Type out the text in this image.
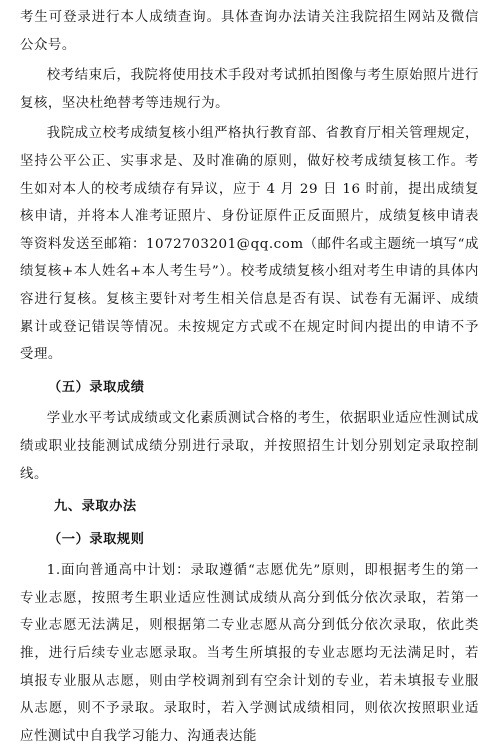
考生可登录进行本人成绩查询。具体查询办法请关注我院招生网站及微信公众号。

校考结束后，我院将使用技术手段对考试抓拍图像与考生原始照片进行复核，坚决杜绝替考等违规行为。

我院成立校考成绩复核小组严格执行教育部、省教育厅相关管理规定，坚持公平公正、实事求是、及时准确的原则，做好校考成绩复核工作。考生如对本人的校考成绩存有异议，应于 4 月 29 日 16 时前，提出成绩复核申请，并将本人准考证照片、身份证原件正反面照片，成绩复核申请表等资料发送至邮箱：1072703201@qq.com（邮件名或主题统一填写“成绩复核+本人姓名+本人考生号”）。校考成绩复核小组对考生申请的具体内容进行复核。复核主要针对考生相关信息是否有误、试卷有无漏评、成绩累计或登记错误等情况。未按规定方式或不在规定时间内提出的申请不予受理。

（五）录取成绩

学业水平考试成绩或文化素质测试合格的考生，依据职业适应性测试成绩或职业技能测试成绩分别进行录取，并按照招生计划分别划定录取控制线。

九、录取办法
（一）录取规则

1.面向普通高中计划：录取遵循“志愿优先”原则，即根据考生的第一专业志愿，按照考生职业适应性测试成绩从高分到低分依次录取，若第一专业志愿无法满足，则根据第二专业志愿从高分到低分依次录取，依此类推，进行后续专业志愿录取。当考生所填报的专业志愿均无法满足时，若填报专业服从志愿，则由学校调剂到有空余计划的专业，若未填报专业服从志愿，则不予录取。录取时，若入学测试成绩相同，则依次按照职业适应性测试中自我学习能力、沟通表达能
